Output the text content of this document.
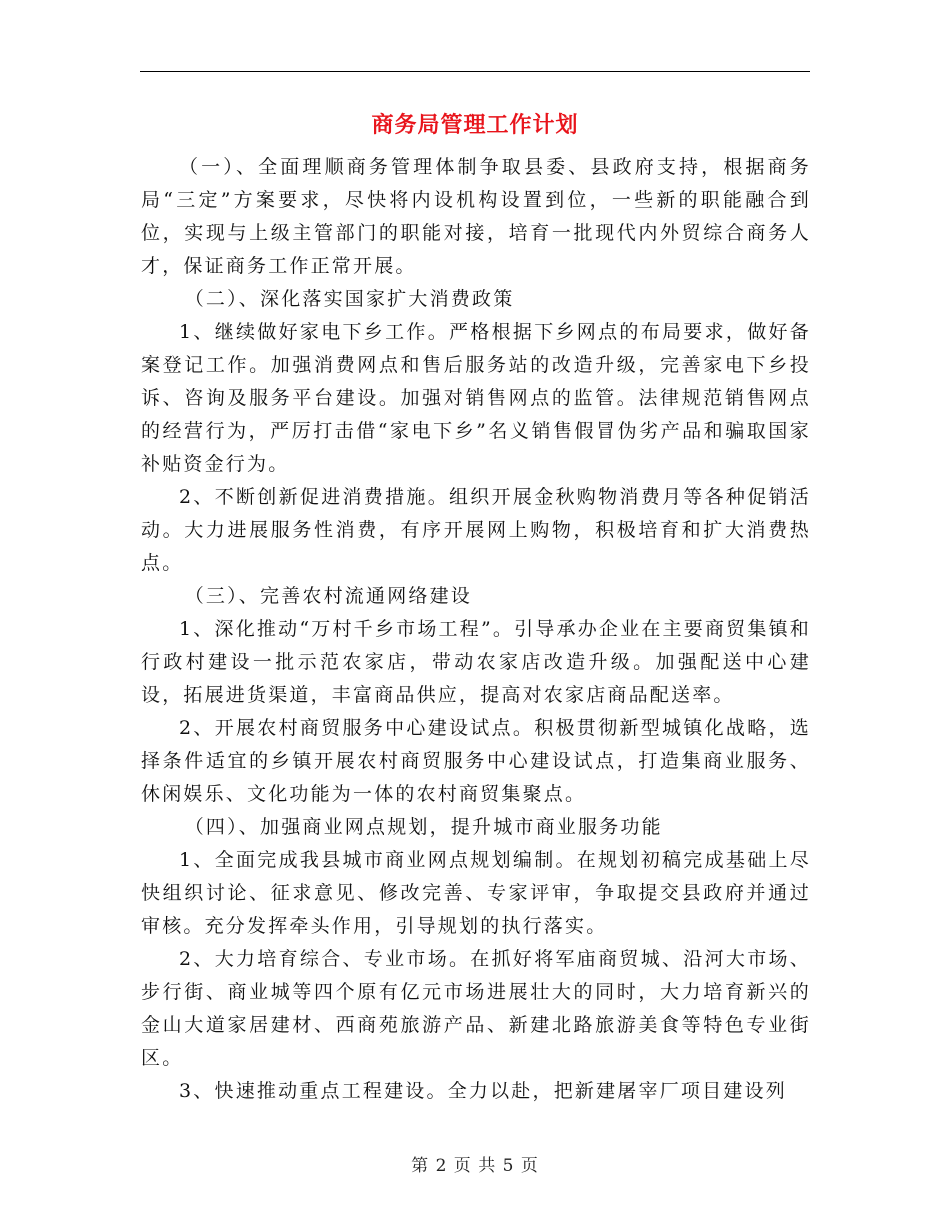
商务局管理工作计划

（一）、全面理顺商务管理体制争取县委、县政府支持，根据商务局“三定”方案要求，尽快将内设机构设置到位，一些新的职能融合到位，实现与上级主管部门的职能对接，培育一批现代内外贸综合商务人才，保证商务工作正常开展。

（二）、深化落实国家扩大消费政策

1、继续做好家电下乡工作。严格根据下乡网点的布局要求，做好备案登记工作。加强消费网点和售后服务站的改造升级，完善家电下乡投诉、咨询及服务平台建设。加强对销售网点的监管。法律规范销售网点的经营行为，严厉打击借“家电下乡”名义销售假冒伪劣产品和骗取国家补贴资金行为。

2、不断创新促进消费措施。组织开展金秋购物消费月等各种促销活动。大力进展服务性消费，有序开展网上购物，积极培育和扩大消费热点。

（三）、完善农村流通网络建设

1、深化推动“万村千乡市场工程”。引导承办企业在主要商贸集镇和行政村建设一批示范农家店，带动农家店改造升级。加强配送中心建设，拓展进货渠道，丰富商品供应，提高对农家店商品配送率。

2、开展农村商贸服务中心建设试点。积极贯彻新型城镇化战略，选择条件适宜的乡镇开展农村商贸服务中心建设试点，打造集商业服务、休闲娱乐、文化功能为一体的农村商贸集聚点。

（四）、加强商业网点规划，提升城市商业服务功能

1、全面完成我县城市商业网点规划编制。在规划初稿完成基础上尽快组织讨论、征求意见、修改完善、专家评审，争取提交县政府并通过审核。充分发挥牵头作用，引导规划的执行落实。

2、大力培育综合、专业市场。在抓好将军庙商贸城、沿河大市场、步行街、商业城等四个原有亿元市场进展壮大的同时，大力培育新兴的金山大道家居建材、西商苑旅游产品、新建北路旅游美食等特色专业街区。

3、快速推动重点工程建设。全力以赴，把新建屠宰厂项目建设列

第 2 页 共 5 页
